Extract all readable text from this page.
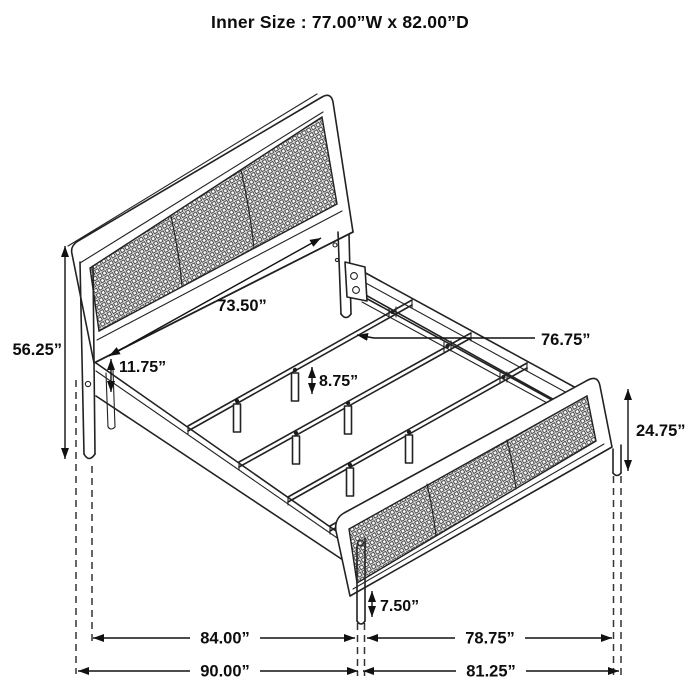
Inner Size : 77.00”W x 82.00”D
56.25”
73.50”
11.75”
8.75”
76.75”
24.75”
7.50”
84.00”	78.75”
90.00”	81.25”
